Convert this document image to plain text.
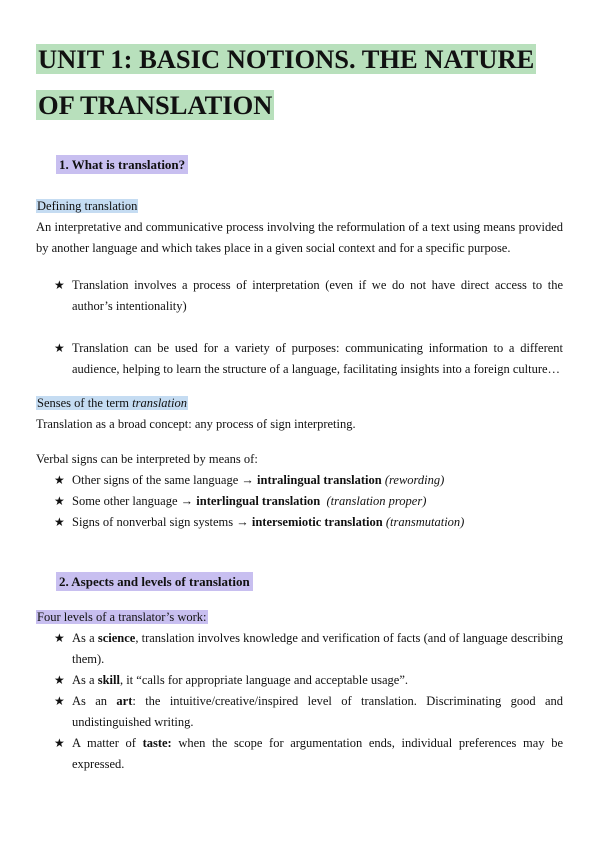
UNIT 1: BASIC NOTIONS. THE NATURE
OF TRANSLATION
1. What is translation?

Defining translation

An interpretative and communicative process involving the reformulation of a text using means provided by another language and which takes place in a given social context and for a specific purpose.

★ Translation involves a process of interpretation (even if we do not have direct access to the author’s intentionality)
★ Translation can be used for a variety of purposes: communicating information to a different audience, helping to learn the structure of a language, facilitating insights into a foreign culture…

Senses of the term translation

Translation as a broad concept: any process of sign interpreting.

Verbal signs can be interpreted by means of:

★ Other signs of the same language → intralingual translation (rewording)
★ Some other language → interlingual translation  (translation proper)
★ Signs of nonverbal sign systems → intersemiotic translation (transmutation)
2. Aspects and levels of translation

Four levels of a translator’s work:

★ As a science, translation involves knowledge and verification of facts (and of language describing them).
★ As a skill, it “calls for appropriate language and acceptable usage”.
★ As an art: the intuitive/creative/inspired level of translation. Discriminating good and undistinguished writing.
★ A matter of taste: when the scope for argumentation ends, individual preferences may be expressed.
